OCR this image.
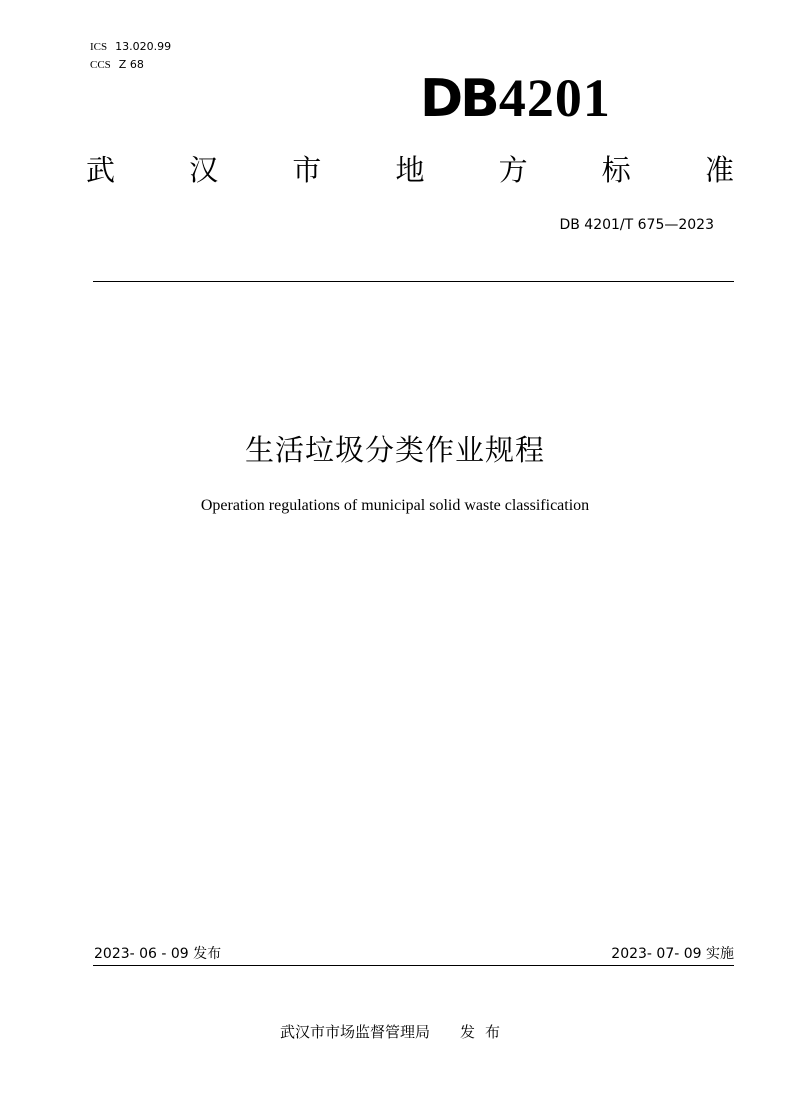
ICS 13.020.99
CCS Z 68
DB4201
武	汉	市	地	方	标	准
DB 4201/T 675—2023
生活垃圾分类作业规程
Operation regulations of municipal solid waste classification
2023- 06 - 09 发布	2023- 07- 09 实施
武汉市市场监督管理局 发布
